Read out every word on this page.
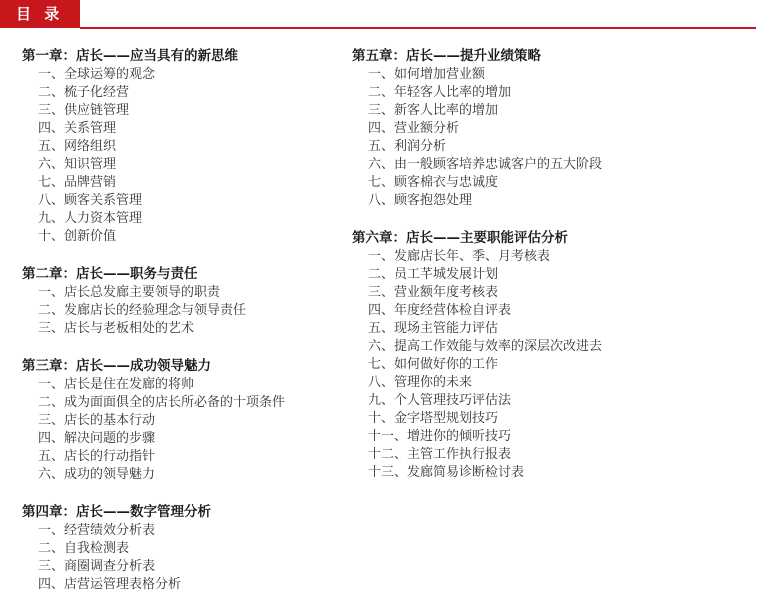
目 录
第一章：店长——应当具有的新思维
一、全球运筹的观念
二、梳子化经营
三、供应链管理
四、关系管理
五、网络组织
六、知识管理
七、品牌营销
八、顾客关系管理
九、人力资本管理
十、创新价值
第二章：店长——职务与责任
一、店长总发廊主要领导的职责
二、发廊店长的经验理念与领导责任
三、店长与老板相处的艺术
第三章：店长——成功领导魅力
一、店长是住在发廊的将帅
二、成为面面俱全的店长所必备的十项条件
三、店长的基本行动
四、解决问题的步骤
五、店长的行动指针
六、成功的领导魅力
第四章：店长——数字管理分析
一、经营绩效分析表
二、自我检测表
三、商圈调查分析表
四、店营运管理表格分析
第五章：店长——提升业绩策略
一、如何增加营业额
二、年轻客人比率的增加
三、新客人比率的增加
四、营业额分析
五、利润分析
六、由一般顾客培养忠诚客户的五大阶段
七、顾客棉衣与忠诚度
八、顾客抱怨处理
第六章：店长——主要职能评估分析
一、发廊店长年、季、月考核表
二、员工芊城发展计划
三、营业额年度考核表
四、年度经营体检自评表
五、现场主管能力评估
六、提高工作效能与效率的深层次改进去
七、如何做好你的工作
八、管理你的未来
九、个人管理技巧评估法
十、金字塔型规划技巧
十一、增进你的倾听技巧
十二、主管工作执行报表
十三、发廊简易诊断检讨表
